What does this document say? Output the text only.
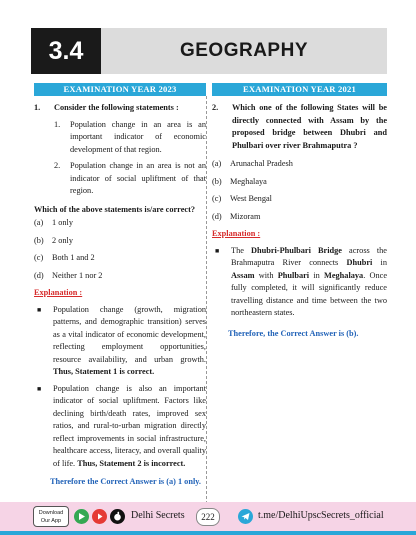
3.4	GEOGRAPHY
EXAMINATION YEAR 2023
1.	Consider the following statements :
1.	Population change in an area is an important indicator of economic development of that region.
2.	Population change in an area is not an indicator of social upliftment of that region.
Which of the above statements is/are correct?
(a)	1 only
(b)	2 only
(c)	Both 1 and 2
(d)	Neither 1 nor 2
Explanation :
■	Population change (growth, migration patterns, and demographic transition) serves as a vital indicator of economic development, reflecting employment opportunities, resource availability, and urban growth. Thus, Statement 1 is correct.
■	Population change is also an important indicator of social upliftment. Factors like declining birth/death rates, improved sex ratios, and rural-to-urban migration directly reflect improvements in social infrastructure, healthcare access, literacy, and overall quality of life. Thus, Statement 2 is incorrect.
Therefore the Correct Answer is (a) 1 only.
EXAMINATION YEAR 2021
2.	Which one of the following States will be directly connected with Assam by the proposed bridge between Dhubri and Phulbari over river Brahmaputra ?
(a)	Arunachal Pradesh
(b)	Meghalaya
(c)	West Bengal
(d)	Mizoram
Explanation :
■	The Dhubri-Phulbari Bridge across the Brahmaputra River connects Dhubri in Assam with Phulbari in Meghalaya. Once fully completed, it will significantly reduce travelling distance and time between the two northeastern states.
Therefore, the Correct Answer is (b).
Download
Our App	Delhi Secrets	222	t.me/DelhiUpscSecrets_official
